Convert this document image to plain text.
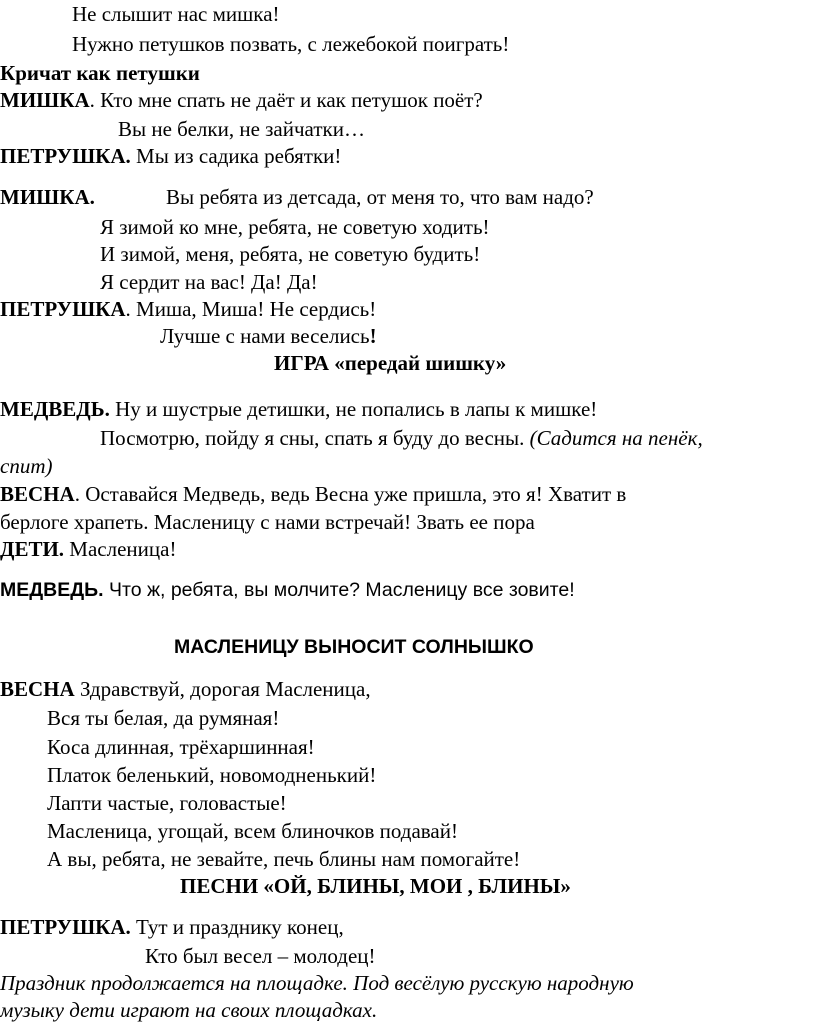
Не слышит нас мишка!
Нужно петушков позвать, с лежебокой поиграть!
Кричат как петушки
МИШКА. Кто мне спать не даёт и как петушок поёт?
Вы не белки, не зайчатки…
ПЕТРУШКА. Мы из садика ребятки!
МИШКА.	Вы ребята из детсада, от меня то, что вам надо?
Я зимой ко мне, ребята, не советую ходить!
И зимой, меня, ребята, не советую будить!
Я сердит на вас! Да! Да!
ПЕТРУШКА. Миша, Миша! Не сердись!
Лучше с нами веселись!
ИГРА «передай шишку»
МЕДВЕДЬ. Ну и шустрые детишки, не попались в лапы к мишке!
Посмотрю, пойду я сны, спать я буду до весны. (Садится на пенёк,
спит)
ВЕСНА. Оставайся Медведь, ведь Весна уже пришла, это я! Хватит в
берлоге храпеть. Масленицу с нами встречай! Звать ее пора
ДЕТИ. Масленица!
МЕДВЕДЬ. Что ж, ребята, вы молчите? Масленицу все зовите!
МАСЛЕНИЦУ ВЫНОСИТ СОЛНЫШКО
ВЕСНА Здравствуй, дорогая Масленица,
Вся ты белая, да румяная!
Коса длинная, трёхаршинная!
Платок беленький, новомодненький!
Лапти частые, головастые!
Масленица, угощай, всем блиночков подавай!
А вы, ребята, не зевайте, печь блины нам помогайте!
ПЕСНИ «ОЙ, БЛИНЫ, МОИ , БЛИНЫ»
ПЕТРУШКА. Тут и празднику конец,
Кто был весел – молодец!
Праздник продолжается на площадке. Под весёлую русскую народную
музыку дети играют на своих площадках.
